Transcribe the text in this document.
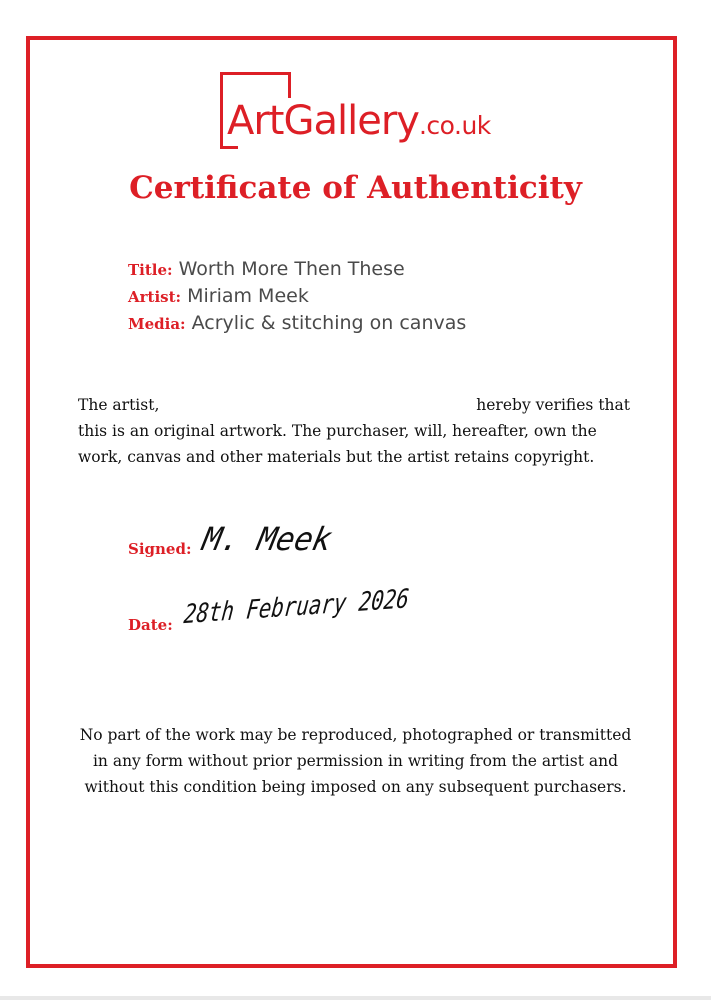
ArtGallery.co.uk
Certificate of Authenticity
Title: Worth More Then These
Artist: Miriam Meek
Media: Acrylic & stitching on canvas
The artist,	hereby verifies that
this is an original artwork. The purchaser, will, hereafter, own the
work, canvas and other materials but the artist retains copyright.
Signed: M. Meek
Date: 28th February 2026
No part of the work may be reproduced, photographed or transmitted
in any form without prior permission in writing from the artist and
without this condition being imposed on any subsequent purchasers.
